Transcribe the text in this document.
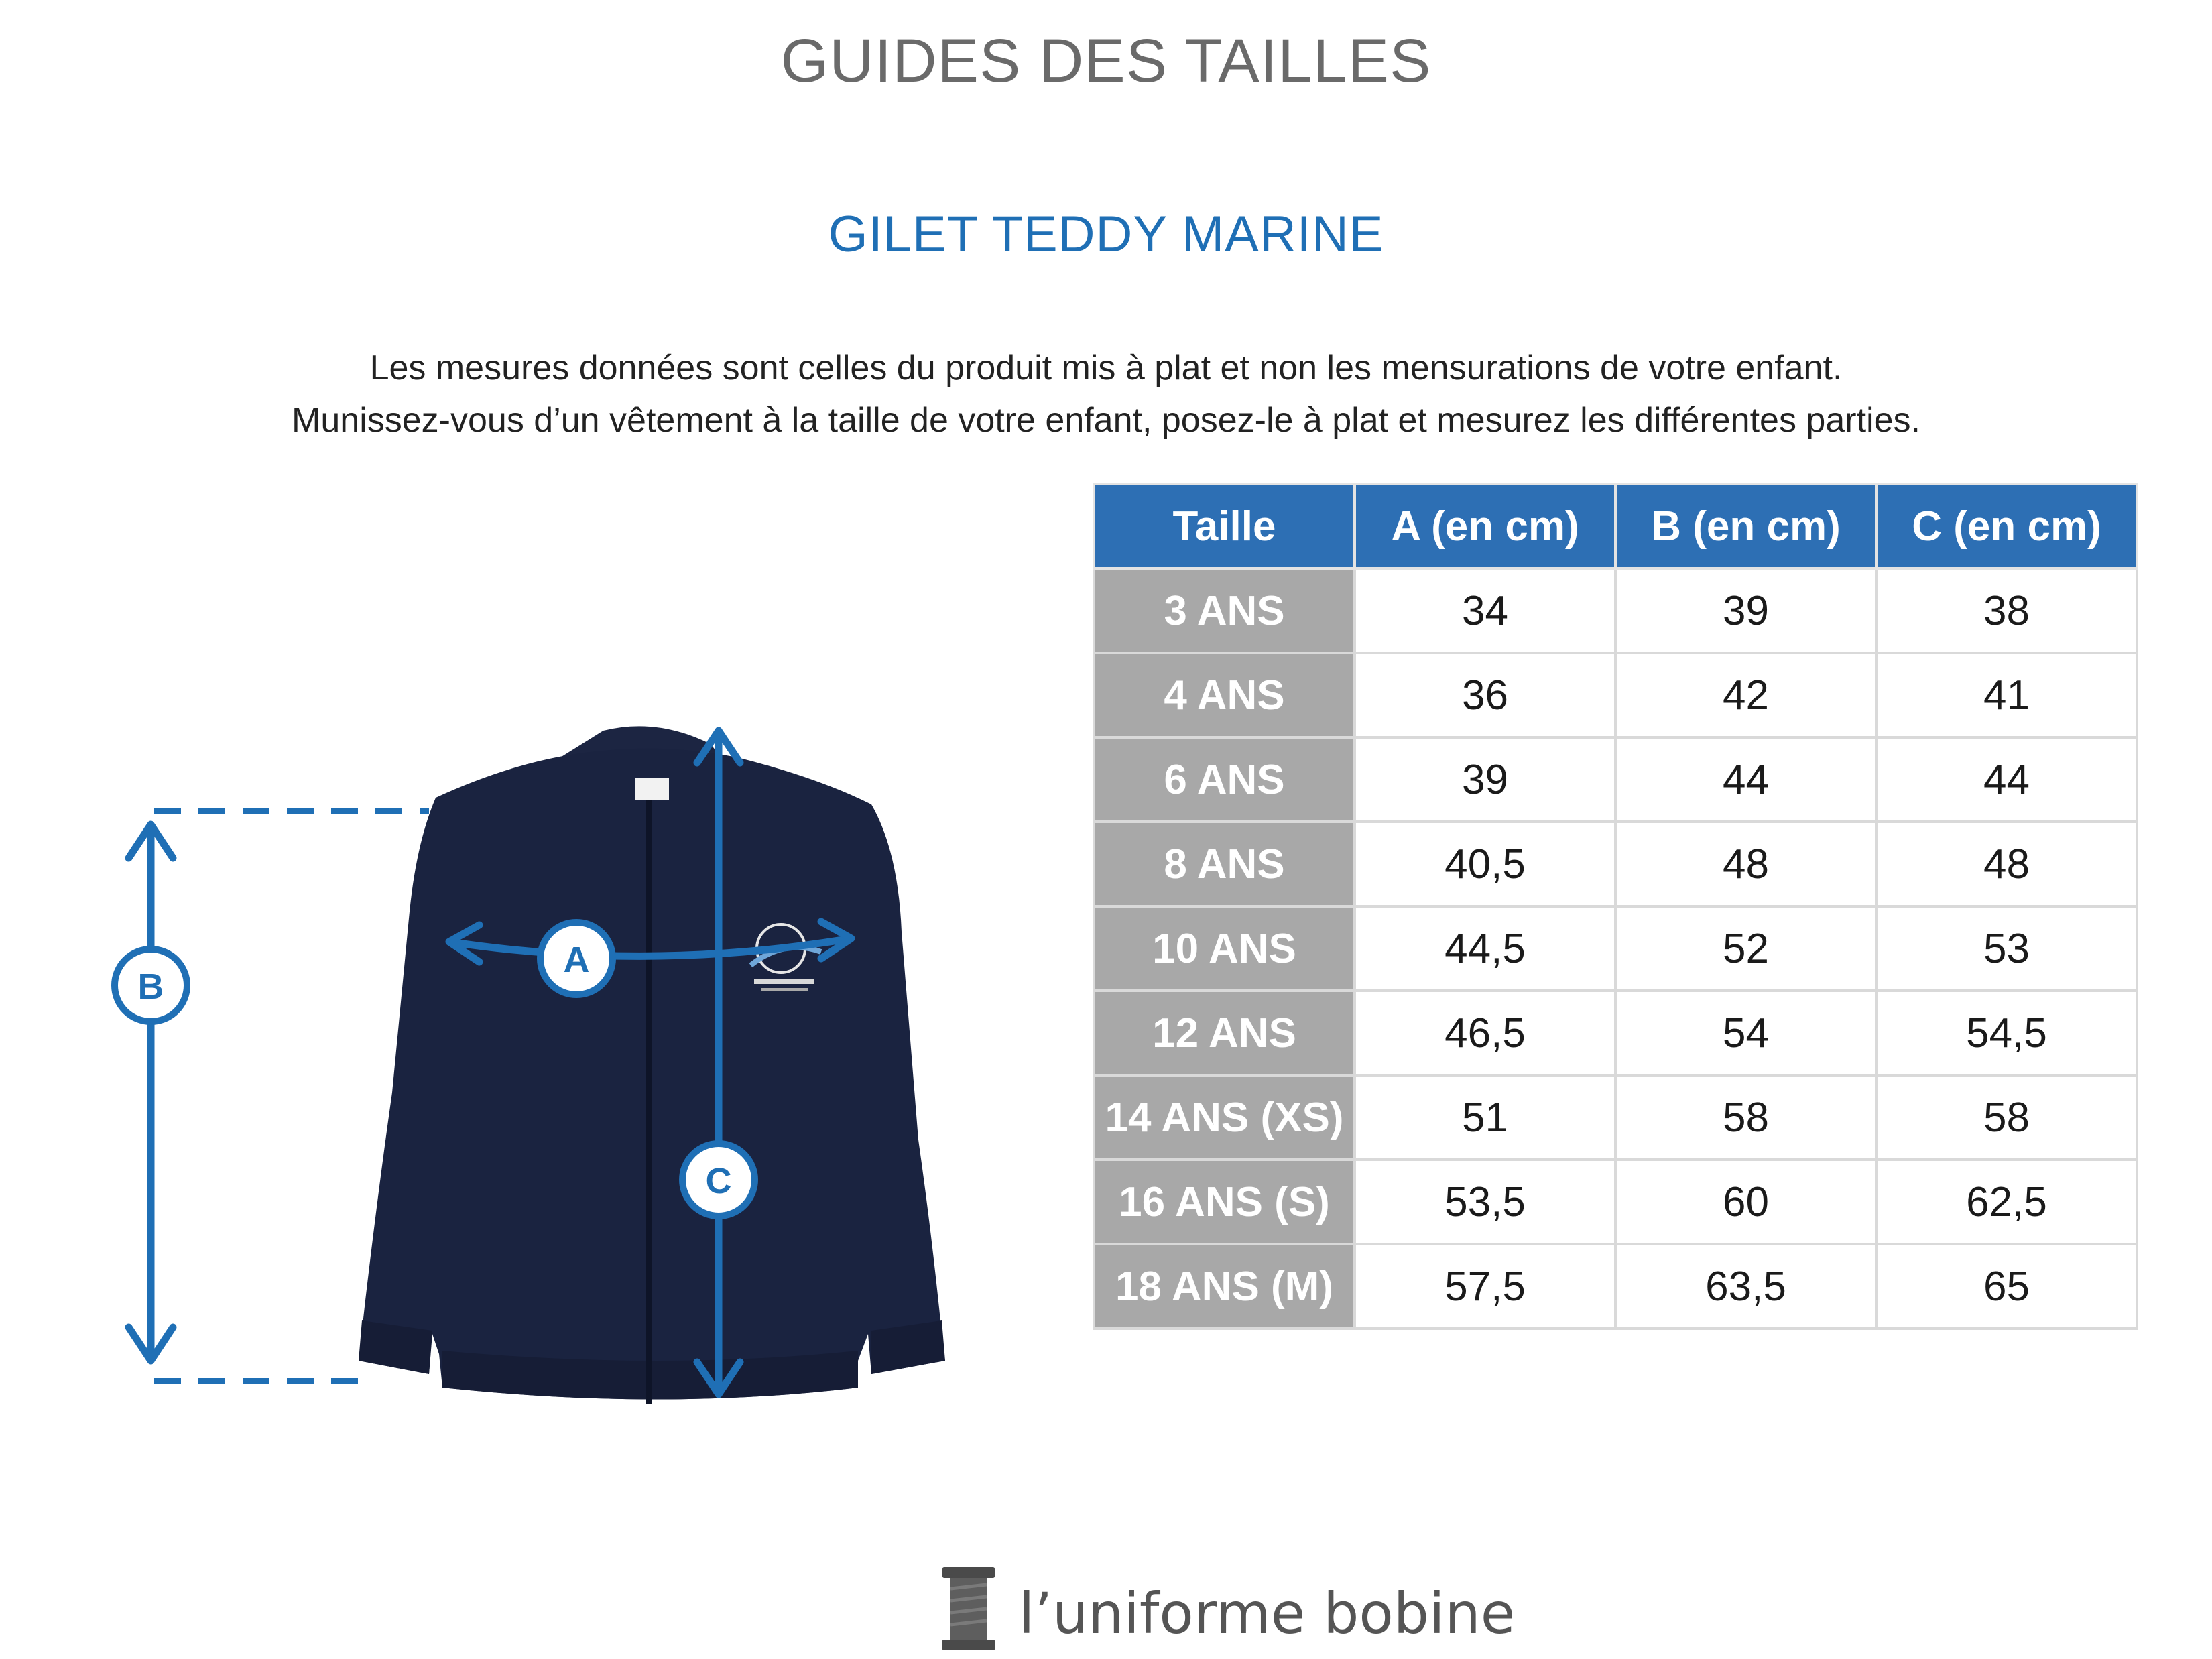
GUIDES DES TAILLES
GILET TEDDY MARINE

Les mesures données sont celles du produit mis à plat et non les mensurations de votre enfant.

Munissez-vous d’un vêtement à la taille de votre enfant, posez-le à plat et mesurez les différentes parties.

B
A
C
Taille	A (en cm)	B (en cm)	C (en cm)
3 ANS	34	39	38
4 ANS	36	42	41
6 ANS	39	44	44
8 ANS	40,5	48	48
10 ANS	44,5	52	53
12 ANS	46,5	54	54,5
14 ANS (XS)	51	58	58
16 ANS (S)	53,5	60	62,5
18 ANS (M)	57,5	63,5	65
l’uniforme bobine
